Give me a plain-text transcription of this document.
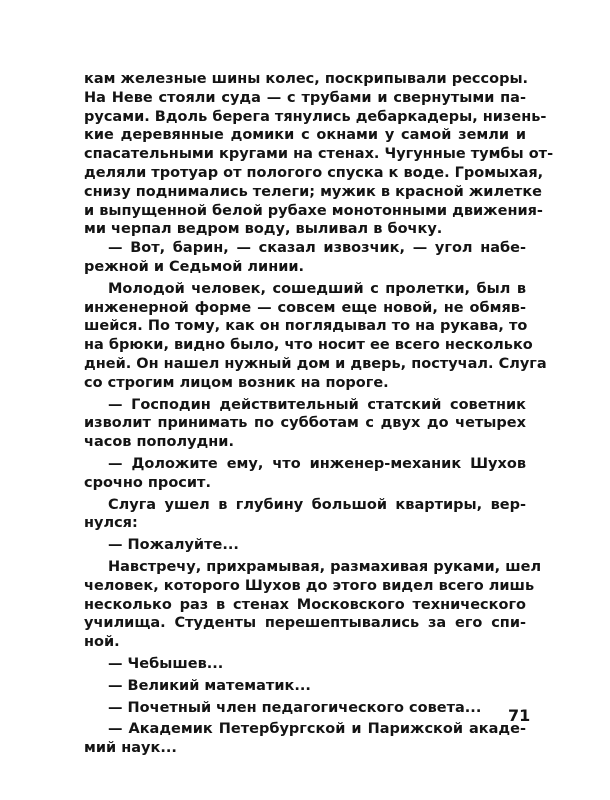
кам железные шины колес, поскрипывали рессоры.
На Неве стояли суда — с трубами и свернутыми па-
русами. Вдоль берега тянулись дебаркадеры, низень-
кие деревянные домики с окнами у самой земли и
спасательными кругами на стенах. Чугунные тумбы от-
деляли тротуар от пологого спуска к воде. Громыхая,
снизу поднимались телеги; мужик в красной жилетке
и выпущенной белой рубахе монотонными движения-
ми черпал ведром воду, выливал в бочку.
— Вот, барин, — сказал извозчик, — угол набе-
режной и Седьмой линии.
Молодой человек, сошедший с пролетки, был в
инженерной форме — совсем еще новой, не обмяв-
шейся. По тому, как он поглядывал то на рукава, то
на брюки, видно было, что носит ее всего несколько
дней. Он нашел нужный дом и дверь, постучал. Слуга
со строгим лицом возник на пороге.
— Господин действительный статский советник
изволит принимать по субботам с двух до четырех
часов пополудни.
— Доложите ему, что инженер-механик Шухов
срочно просит.
Слуга ушел в глубину большой квартиры, вер-
нулся:
— Пожалуйте...
Навстречу, прихрамывая, размахивая руками, шел
человек, которого Шухов до этого видел всего лишь
несколько раз в стенах Московского технического
училища. Студенты перешептывались за его спи-
ной.
— Чебышев...
— Великий математик...
— Почетный член педагогического совета...
— Академик Петербургской и Парижской акаде-
мий наук...
71
